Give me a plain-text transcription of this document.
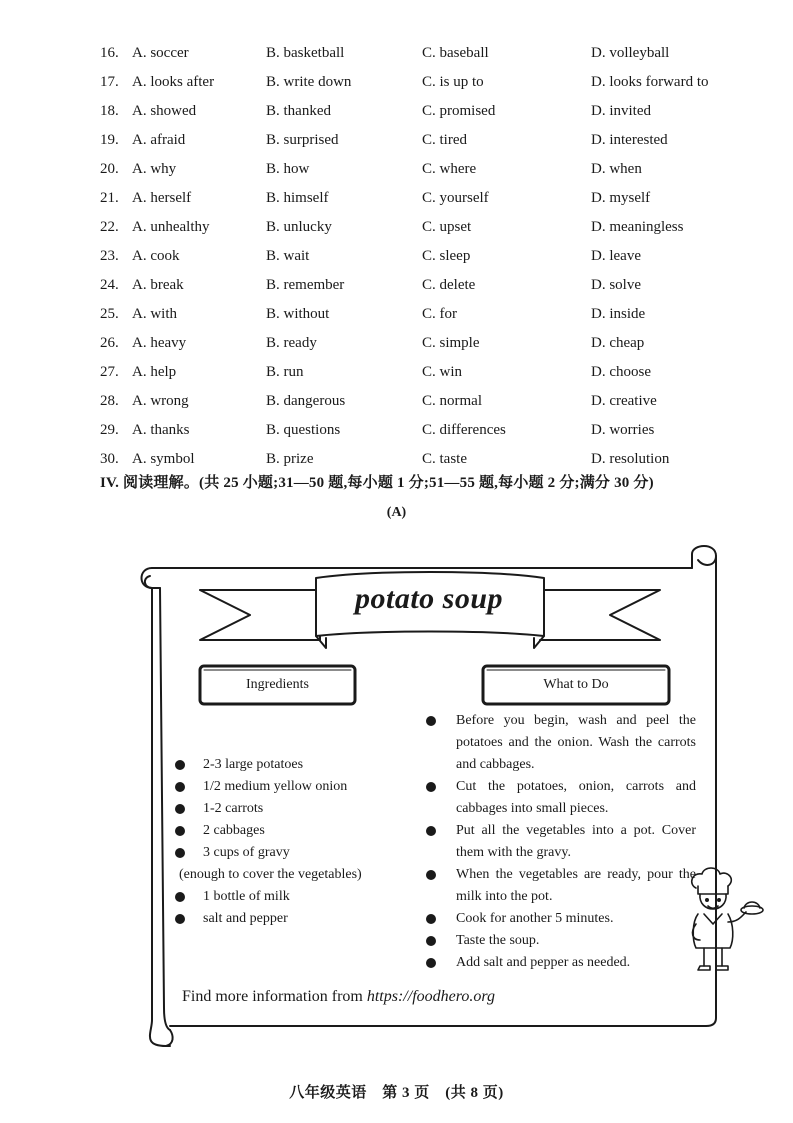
16. A. soccer	B. basketball	C. baseball	D. volleyball
17. A. looks after	B. write down	C. is up to	D. looks forward to
18. A. showed	B. thanked	C. promised	D. invited
19. A. afraid	B. surprised	C. tired	D. interested
20. A. why	B. how	C. where	D. when
21. A. herself	B. himself	C. yourself	D. myself
22. A. unhealthy	B. unlucky	C. upset	D. meaningless
23. A. cook	B. wait	C. sleep	D. leave
24. A. break	B. remember	C. delete	D. solve
25. A. with	B. without	C. for	D. inside
26. A. heavy	B. ready	C. simple	D. cheap
27. A. help	B. run	C. win	D. choose
28. A. wrong	B. dangerous	C. normal	D. creative
29. A. thanks	B. questions	C. differences	D. worries
30. A. symbol	B. prize	C. taste	D. resolution
IV. 阅读理解。(共 25 小题;31—50 题,每小题 1 分;51—55 题,每小题 2 分;满分 30 分)
(A)
potato soup
Ingredients	What to Do
2-3 large potatoes
1/2 medium yellow onion
1-2 carrots
2 cabbages
3 cups of gravy
(enough to cover the vegetables)
1 bottle of milk
salt and pepper
Before you begin, wash and peel the potatoes and the onion. Wash the carrots and cabbages.
Cut the potatoes, onion, carrots and cabbages into small pieces.
Put all the vegetables into a pot. Cover them with the gravy.
When the vegetables are ready, pour the milk into the pot.
Cook for another 5 minutes.
Taste the soup.
Add salt and pepper as needed.
Find more information from https://foodhero.org
八年级英语　第 3 页　(共 8 页)
